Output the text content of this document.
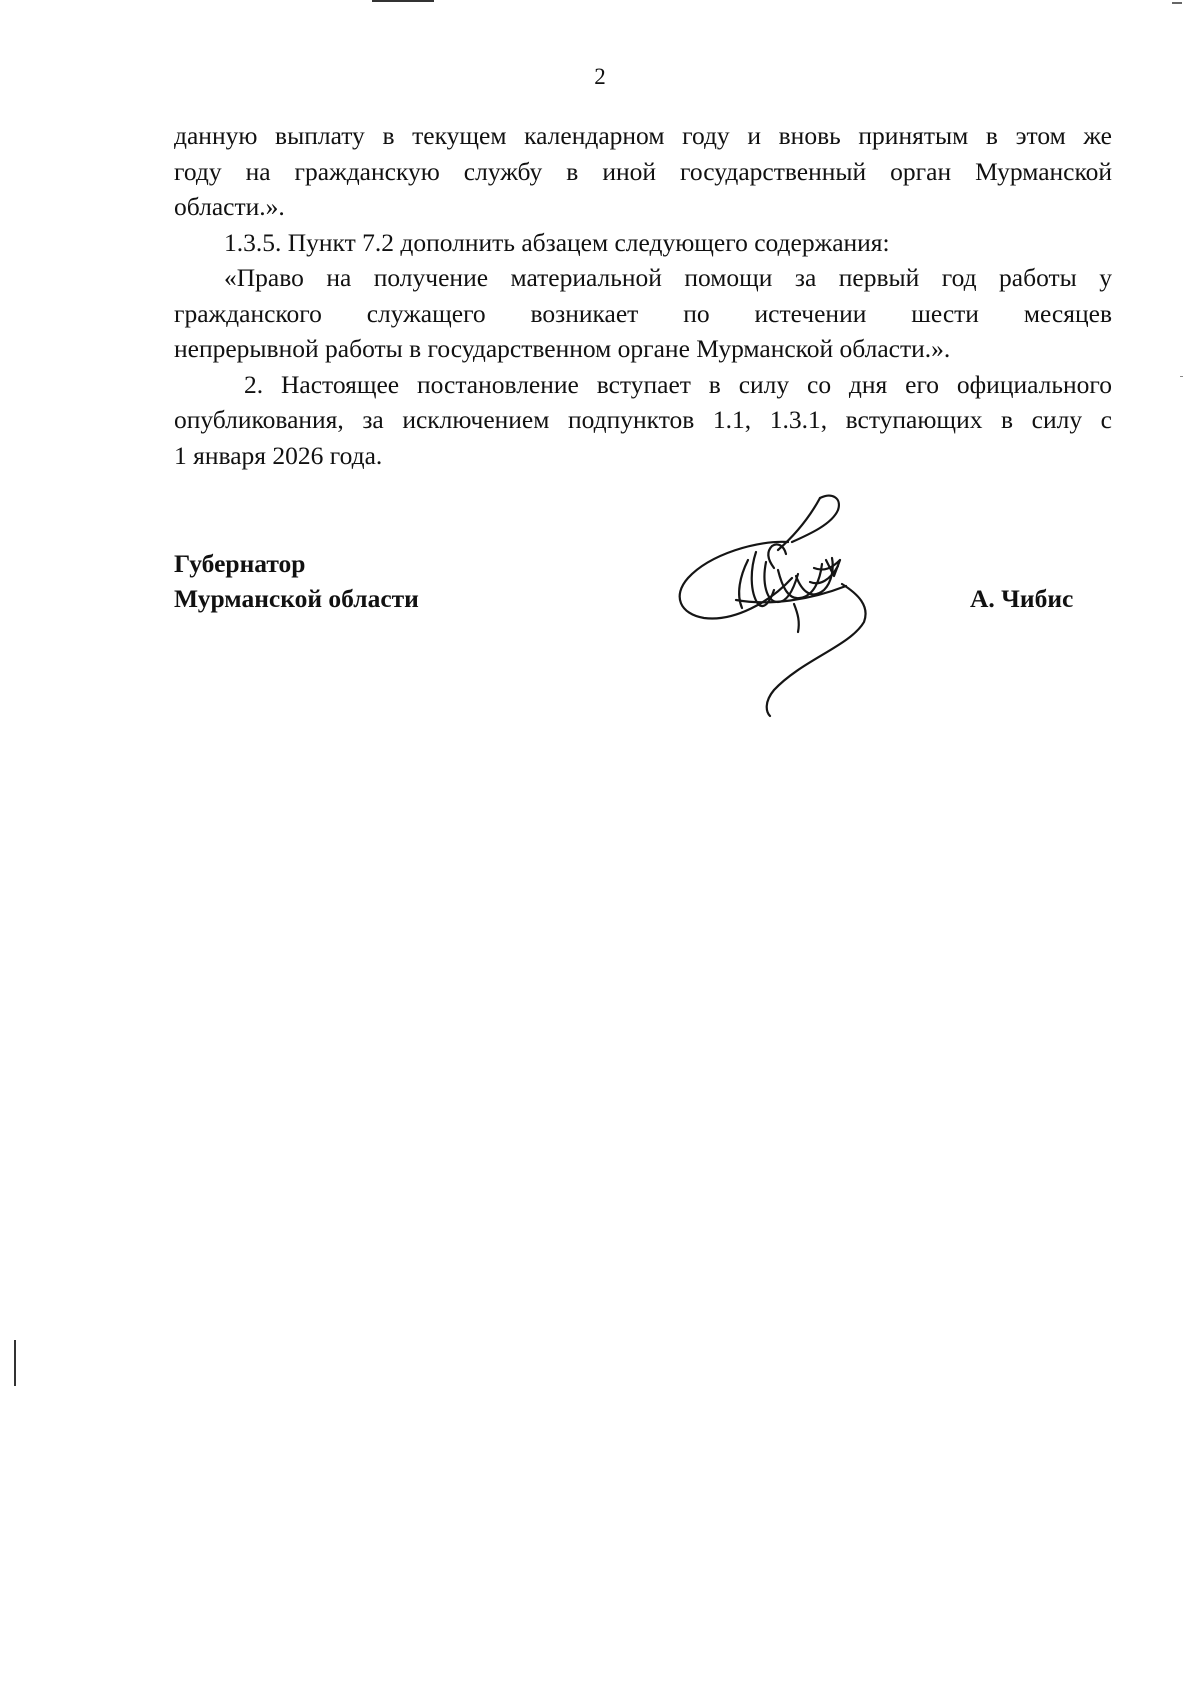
2

данную выплату в текущем календарном году и вновь принятым в этом же

году на гражданскую службу в иной государственный орган Мурманской

области.».

1.3.5. Пункт 7.2 дополнить абзацем следующего содержания:

«Право на получение материальной помощи за первый год работы у

гражданского служащего возникает по истечении шести месяцев

непрерывной работы в государственном органе Мурманской области.».

2. Настоящее постановление вступает в силу со дня его официального

опубликования, за исключением подпунктов 1.1, 1.3.1, вступающих в силу с

1 января 2026 года.

Губернатор
Мурманской области	А. Чибис
